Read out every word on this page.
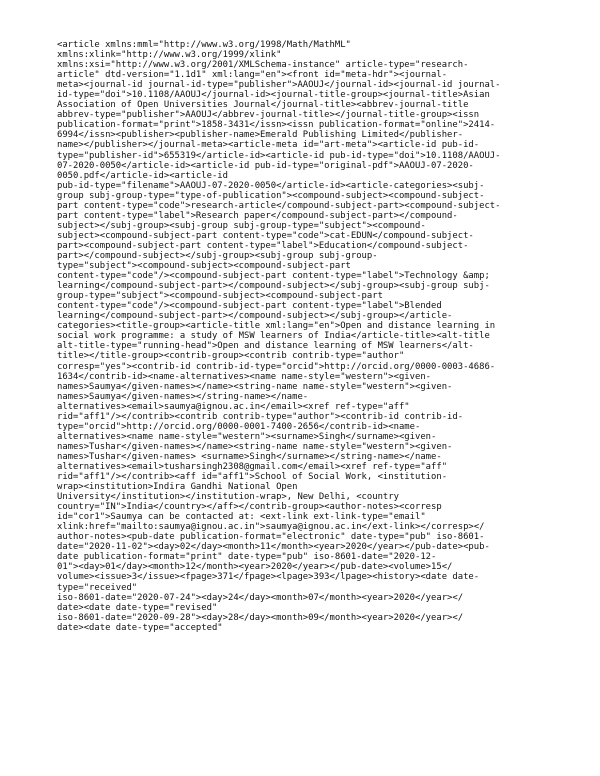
<article xmlns:mml="http://www.w3.org/1998/Math/MathML"
xmlns:xlink="http://www.w3.org/1999/xlink"
xmlns:xsi="http://www.w3.org/2001/XMLSchema-instance" article-type="research-
article" dtd-version="1.1d1" xml:lang="en"><front id="meta-hdr"><journal-
meta><journal-id journal-id-type="publisher">AAOUJ</journal-id><journal-id journal-
id-type="doi">10.1108/AAOUJ</journal-id><journal-title-group><journal-title>Asian
Association of Open Universities Journal</journal-title><abbrev-journal-title
abbrev-type="publisher">AAOUJ</abbrev-journal-title></journal-title-group><issn
publication-format="print">1858-3431</issn><issn publication-format="online">2414-
6994</issn><publisher><publisher-name>Emerald Publishing Limited</publisher-
name></publisher></journal-meta><article-meta id="art-meta"><article-id pub-id-
type="publisher-id">655319</article-id><article-id pub-id-type="doi">10.1108/AAOUJ-
07-2020-0050</article-id><article-id pub-id-type="original-pdf">AAOUJ-07-2020-
0050.pdf</article-id><article-id
pub-id-type="filename">AAOUJ-07-2020-0050</article-id><article-categories><subj-
group subj-group-type="type-of-publication"><compound-subject><compound-subject-
part content-type="code">research-article</compound-subject-part><compound-subject-
part content-type="label">Research paper</compound-subject-part></compound-
subject></subj-group><subj-group subj-group-type="subject"><compound-
subject><compound-subject-part content-type="code">cat-EDUN</compound-subject-
part><compound-subject-part content-type="label">Education</compound-subject-
part></compound-subject></subj-group><subj-group subj-group-
type="subject"><compound-subject><compound-subject-part
content-type="code"/><compound-subject-part content-type="label">Technology &amp;
learning</compound-subject-part></compound-subject></subj-group><subj-group subj-
group-type="subject"><compound-subject><compound-subject-part
content-type="code"/><compound-subject-part content-type="label">Blended
learning</compound-subject-part></compound-subject></subj-group></article-
categories><title-group><article-title xml:lang="en">Open and distance learning in
social work programme: a study of MSW learners of India</article-title><alt-title
alt-title-type="running-head">Open and distance learning of MSW learners</alt-
title></title-group><contrib-group><contrib contrib-type="author"
corresp="yes"><contrib-id contrib-id-type="orcid">http://orcid.org/0000-0003-4686-
1634</contrib-id><name-alternatives><name name-style="western"><given-
names>Saumya</given-names></name><string-name name-style="western"><given-
names>Saumya</given-names></string-name></name-
alternatives><email>saumya@ignou.ac.in</email><xref ref-type="aff"
rid="aff1"/></contrib><contrib contrib-type="author"><contrib-id contrib-id-
type="orcid">http://orcid.org/0000-0001-7400-2656</contrib-id><name-
alternatives><name name-style="western"><surname>Singh</surname><given-
names>Tushar</given-names></name><string-name name-style="western"><given-
names>Tushar</given-names> <surname>Singh</surname></string-name></name-
alternatives><email>tusharsingh2308@gmail.com</email><xref ref-type="aff"
rid="aff1"/></contrib><aff id="aff1">School of Social Work, <institution-
wrap><institution>Indira Gandhi National Open
University</institution></institution-wrap>, New Delhi, <country
country="IN">India</country></aff></contrib-group><author-notes><corresp
id="cor1">Saumya can be contacted at: <ext-link ext-link-type="email"
xlink:href="mailto:saumya@ignou.ac.in">saumya@ignou.ac.in</ext-link></corresp></
author-notes><pub-date publication-format="electronic" date-type="pub" iso-8601-
date="2020-11-02"><day>02</day><month>11</month><year>2020</year></pub-date><pub-
date publication-format="print" date-type="pub" iso-8601-date="2020-12-
01"><day>01</day><month>12</month><year>2020</year></pub-date><volume>15</
volume><issue>3</issue><fpage>371</fpage><lpage>393</lpage><history><date date-
type="received"
iso-8601-date="2020-07-24"><day>24</day><month>07</month><year>2020</year></
date><date date-type="revised"
iso-8601-date="2020-09-28"><day>28</day><month>09</month><year>2020</year></
date><date date-type="accepted"
